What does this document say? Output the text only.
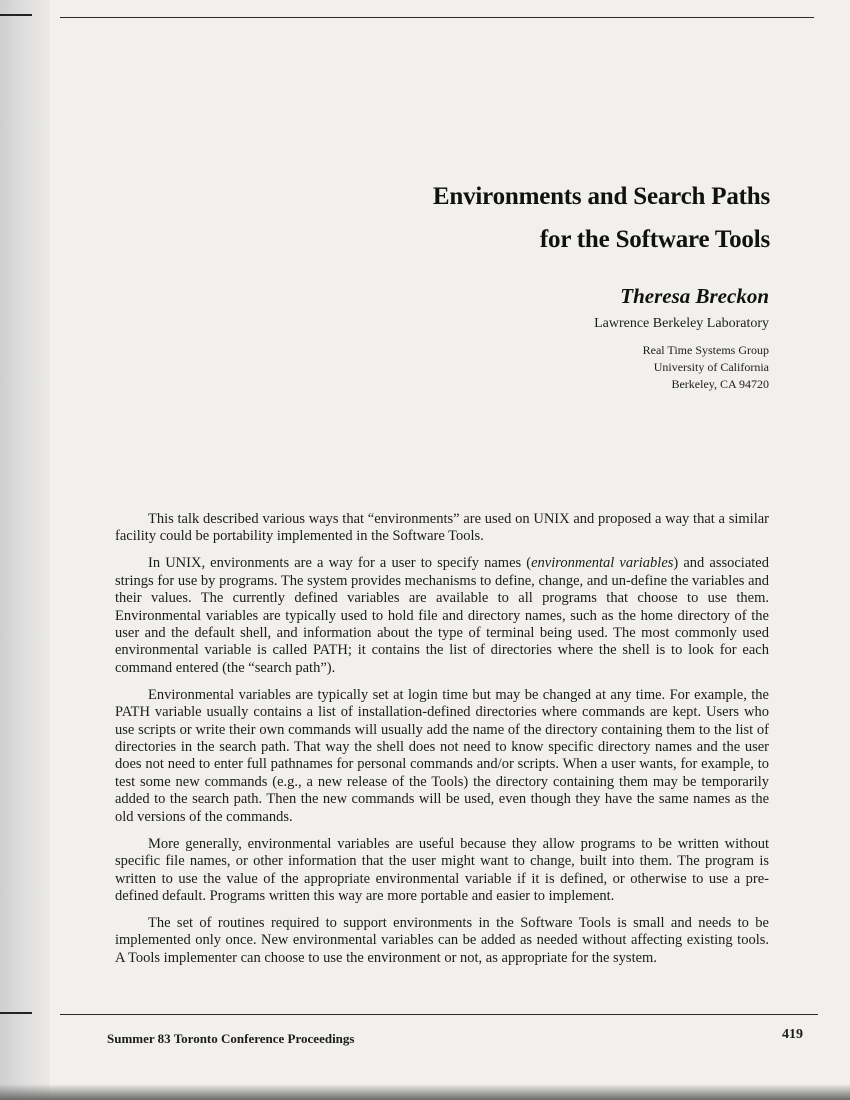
Environments and Search Paths
for the Software Tools
Theresa Breckon
Lawrence Berkeley Laboratory
Real Time Systems Group
University of California
Berkeley, CA 94720

This talk described various ways that “environments” are used on UNIX and proposed a way that a similar facility could be portability implemented in the Software Tools.

In UNIX, environments are a way for a user to specify names (environmental variables) and associated strings for use by programs. The system provides mechanisms to define, change, and un-define the variables and their values. The currently defined variables are available to all programs that choose to use them. Environmental variables are typically used to hold file and directory names, such as the home directory of the user and the default shell, and information about the type of terminal being used. The most commonly used environmental variable is called PATH; it contains the list of directories where the shell is to look for each command entered (the “search path”).

Environmental variables are typically set at login time but may be changed at any time. For example, the PATH variable usually contains a list of installation-defined directories where commands are kept. Users who use scripts or write their own commands will usually add the name of the directory containing them to the list of directories in the search path. That way the shell does not need to know specific directory names and the user does not need to enter full pathnames for personal commands and/or scripts. When a user wants, for example, to test some new commands (e.g., a new release of the Tools) the directory containing them may be temporarily added to the search path. Then the new commands will be used, even though they have the same names as the old versions of the commands.

More generally, environmental variables are useful because they allow programs to be written without specific file names, or other information that the user might want to change, built into them. The program is written to use the value of the appropriate environmental variable if it is defined, or otherwise to use a pre-defined default. Programs written this way are more portable and easier to implement.

The set of routines required to support environments in the Software Tools is small and needs to be implemented only once. New environmental variables can be added as needed without affecting existing tools. A Tools implementer can choose to use the environment or not, as appropriate for the system.

Summer 83 Toronto Conference Proceedings	419
